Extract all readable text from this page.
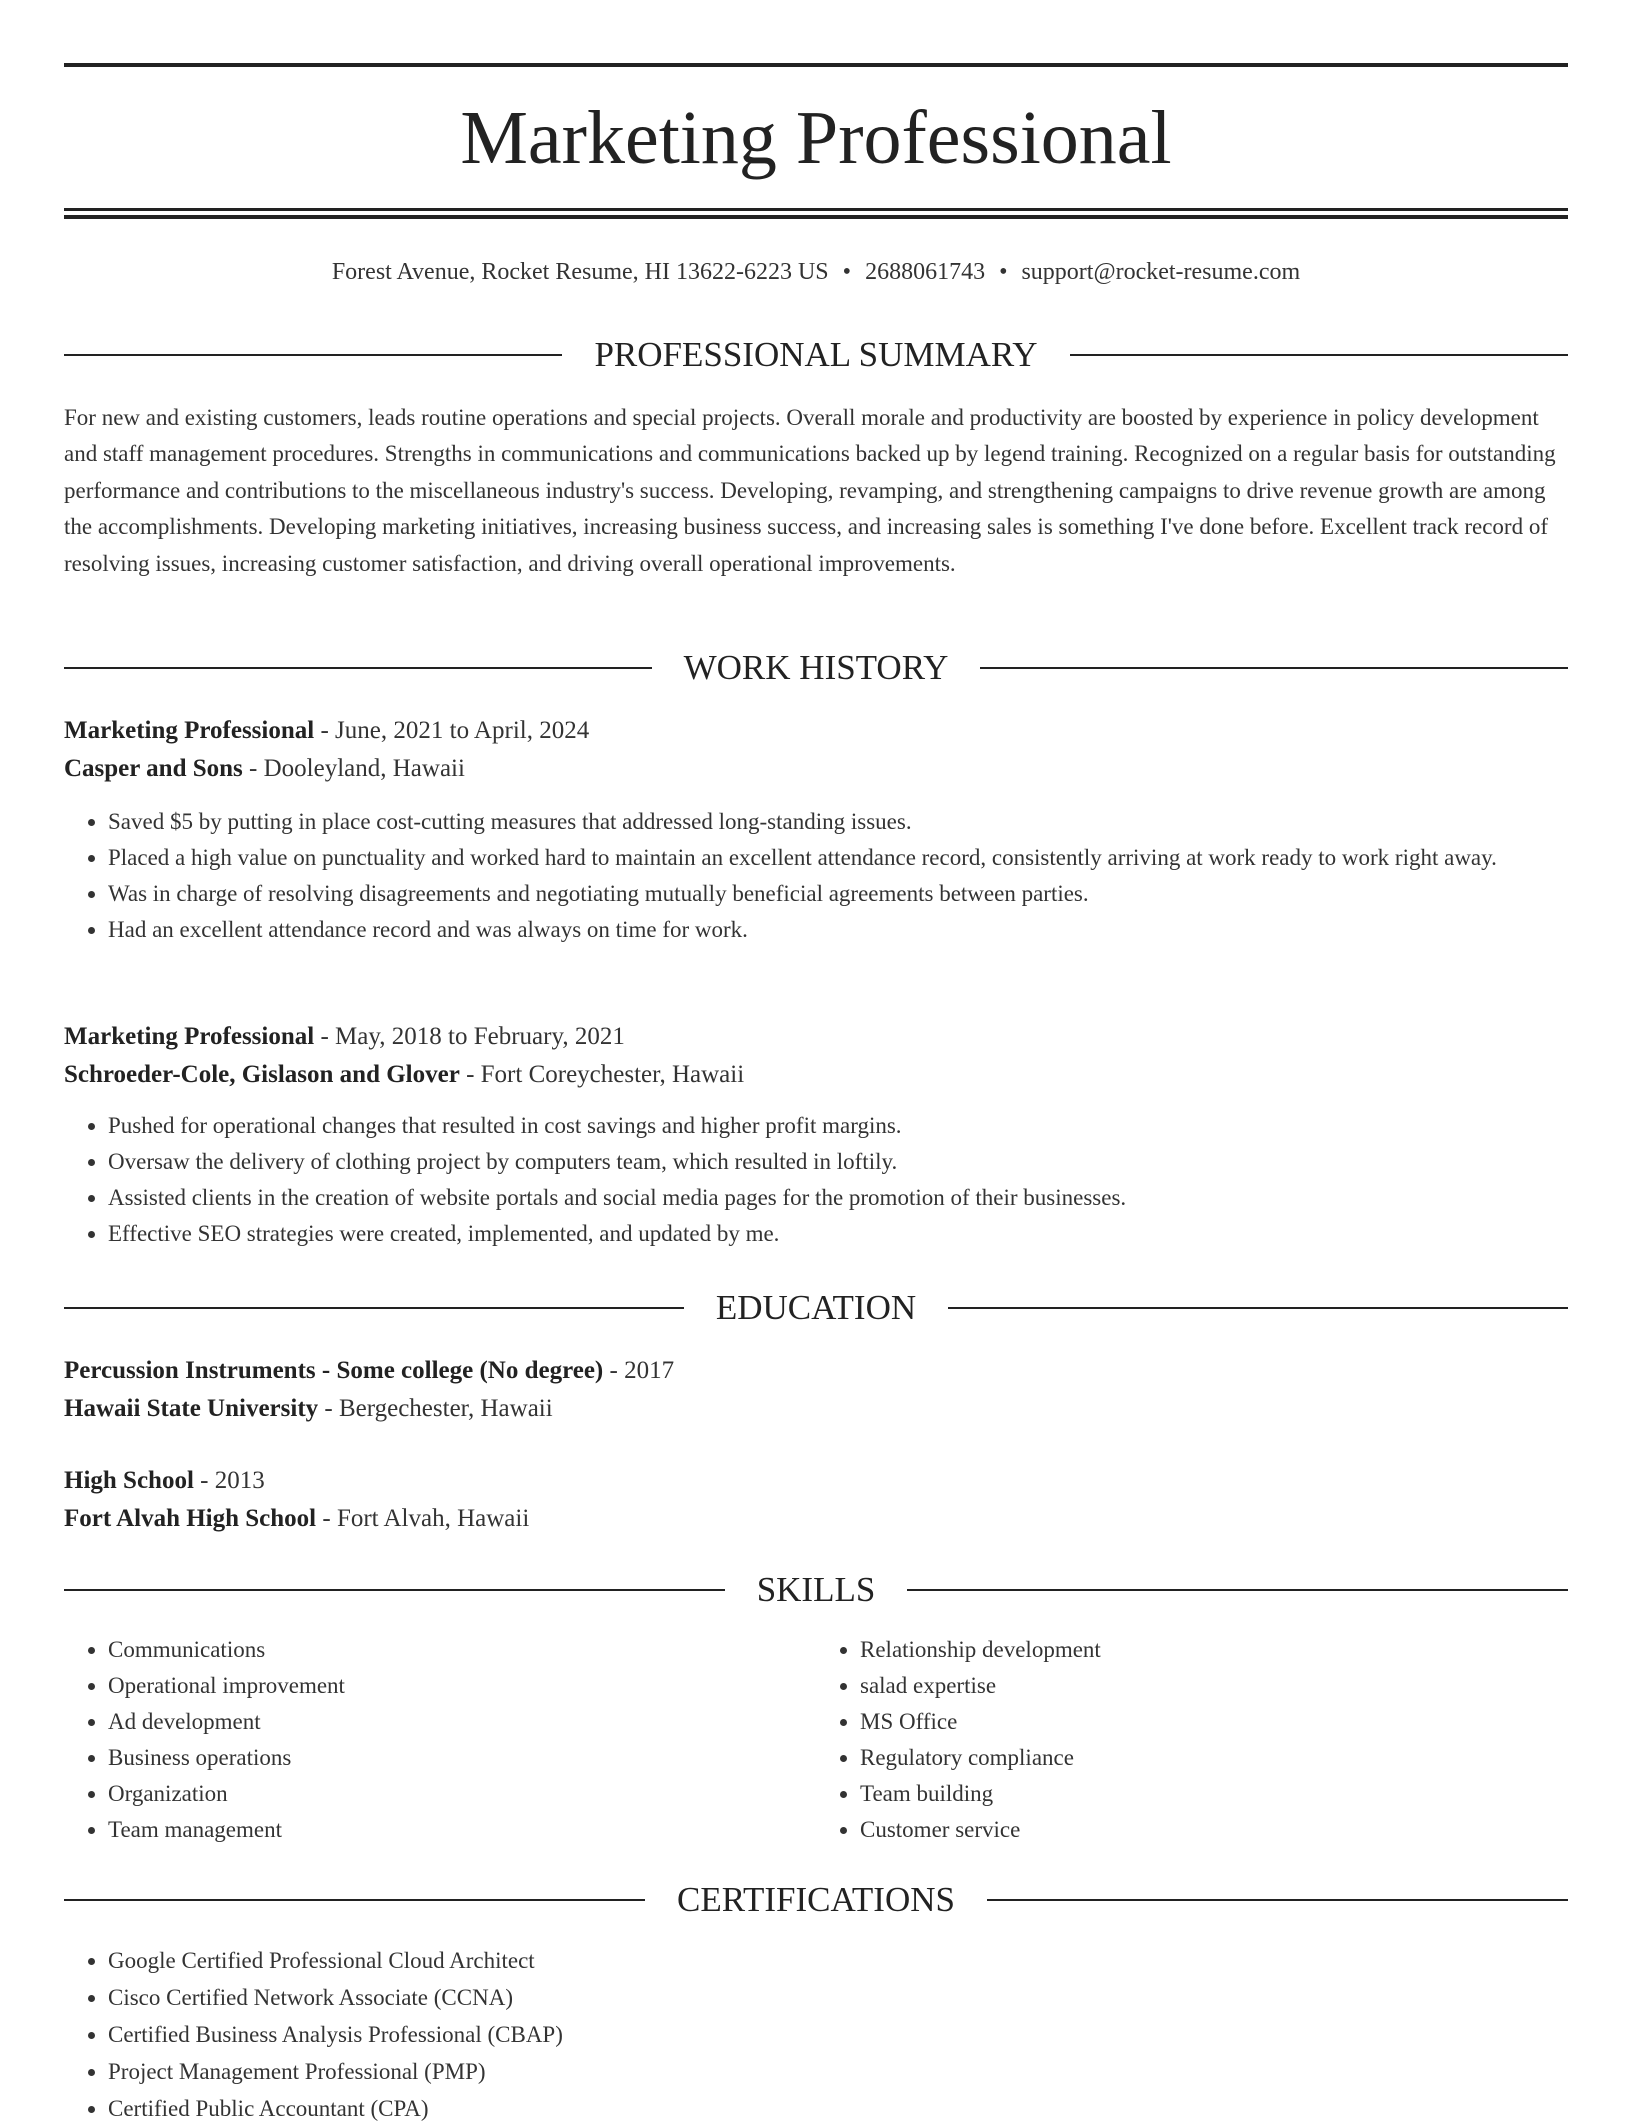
Marketing Professional
Forest Avenue, Rocket Resume, HI 13622-6223 US • 2688061743 • support@rocket-resume.com
PROFESSIONAL SUMMARY

For new and existing customers, leads routine operations and special projects. Overall morale and productivity are boosted by experience in policy development and staff management procedures. Strengths in communications and communications backed up by legend training. Recognized on a regular basis for outstanding performance and contributions to the miscellaneous industry's success. Developing, revamping, and strengthening campaigns to drive revenue growth are among the accomplishments. Developing marketing initiatives, increasing business success, and increasing sales is something I've done before. Excellent track record of resolving issues, increasing customer satisfaction, and driving overall operational improvements.

WORK HISTORY
Marketing Professional - June, 2021 to April, 2024
Casper and Sons - Dooleyland, Hawaii
• Saved $5 by putting in place cost-cutting measures that addressed long-standing issues.
• Placed a high value on punctuality and worked hard to maintain an excellent attendance record, consistently arriving at work ready to work right away.
• Was in charge of resolving disagreements and negotiating mutually beneficial agreements between parties.
• Had an excellent attendance record and was always on time for work.
Marketing Professional - May, 2018 to February, 2021
Schroeder-Cole, Gislason and Glover - Fort Coreychester, Hawaii
• Pushed for operational changes that resulted in cost savings and higher profit margins.
• Oversaw the delivery of clothing project by computers team, which resulted in loftily.
• Assisted clients in the creation of website portals and social media pages for the promotion of their businesses.
• Effective SEO strategies were created, implemented, and updated by me.
EDUCATION
Percussion Instruments - Some college (No degree) - 2017
Hawaii State University - Bergechester, Hawaii
High School - 2013
Fort Alvah High School - Fort Alvah, Hawaii
SKILLS
• Communications
• Operational improvement
• Ad development
• Business operations
• Organization
• Team management
• Relationship development
• salad expertise
• MS Office
• Regulatory compliance
• Team building
• Customer service
CERTIFICATIONS
• Google Certified Professional Cloud Architect
• Cisco Certified Network Associate (CCNA)
• Certified Business Analysis Professional (CBAP)
• Project Management Professional (PMP)
• Certified Public Accountant (CPA)
